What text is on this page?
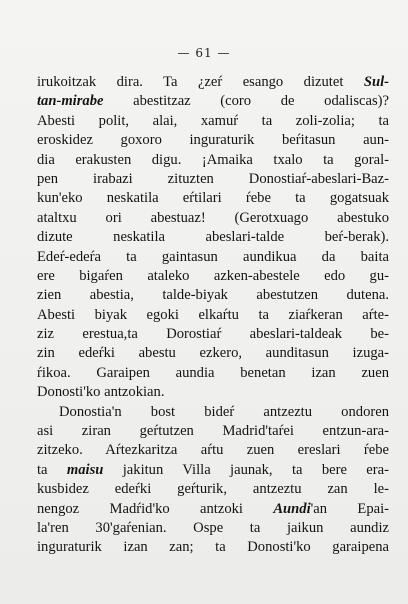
— 61 —
irukoitzak dira. Ta ¿zeŕ esango dizutet Sul-
tan-mirabe abestitzaz (coro de odaliscas)?
Abesti polit, alai, xamuŕ ta zoli-zolia; ta
eroskidez goxoro inguraturik beŕitasun aun-
dia erakusten digu. ¡Amaika txalo ta goral-
pen irabazi zituzten Donostiaŕ-abeslari-Baz-
kun'eko neskatila eŕtilari ŕebe ta gogatsuak
ataltxu ori abestuaz! (Gerotxuago abestuko
dizute neskatila abeslari-talde beŕ-berak).
Edeŕ-edeŕa ta gaintasun aundikua da baita
ere bigaŕen ataleko azken-abestele edo gu-
zien abestia, talde-biyak abestutzen dutena.
Abesti biyak egoki elkaŕtu ta ziaŕkeran aŕte-
ziz erestua,ta Dorostiaŕ abeslari-taldeak be-
zin edeŕki abestu ezkero, aunditasun izuga-
ŕikoa. Garaipen aundia benetan izan zuen
Donosti'ko antzokian.
Donostia'n bost bideŕ antzeztu ondoren
asi ziran geŕtutzen Madrid'taŕei entzun-ara-
zitzeko. Aŕtezkaritza aŕtu zuen ereslari ŕebe
ta maisu jakitun Villa jaunak, ta bere era-
kusbidez edeŕki geŕturik, antzeztu zan le-
nengoz Madŕid'ko antzoki Aundi'an Epai-
la'ren 30'gaŕenian. Ospe ta jaikun aundiz
inguraturik izan zan; ta Donosti'ko garaipena
